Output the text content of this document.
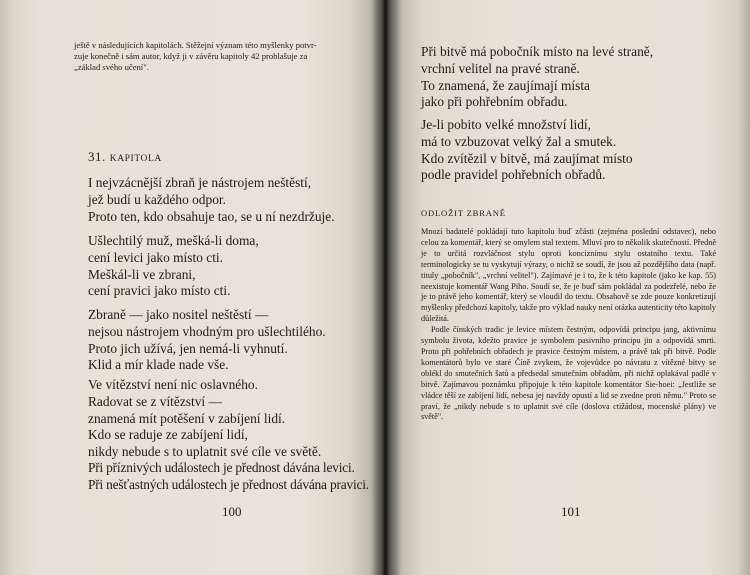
ještě v následujících kapitolách. Stěžejní význam této myšlenky potvr-
zuje konečně i sám autor, když ji v závěru kapitoly 42 prohlašuje za
„základ svého učení".
31. KAPITOLA
I nejvzácnější zbraň je nástrojem neštěstí,
jež budí u každého odpor.
Proto ten, kdo obsahuje tao, se u ní nezdržuje.
Ušlechtilý muž, mešká-li doma,
cení levici jako místo cti.
Meškál-li ve zbrani,
cení pravici jako místo cti.
Zbraně — jako nositel neštěstí —
nejsou nástrojem vhodným pro ušlechtilého.
Proto jich užívá, jen nemá-li vyhnutí.
Klid a mír klade nade vše.
Ve vítězství není nic oslavného.
Radovat se z vítězství —
znamená mít potěšení v zabíjení lidí.
Kdo se raduje ze zabíjení lidí,
nikdy nebude s to uplatnit své cíle ve světě.
Při příznivých událostech je přednost dávána levici.
Při nešťastných událostech je přednost dávána pravici.
100
Při bitvě má pobočník místo na levé straně,
vrchní velitel na pravé straně.
To znamená, že zaujímají místa
jako při pohřebním obřadu.
Je-li pobito velké množství lidí,
má to vzbuzovat velký žal a smutek.
Kdo zvítězil v bitvě, má zaujímat místo
podle pravidel pohřebních obřadů.
ODLOŽIT ZBRANĚ
Mnozí badatelé pokládají tuto kapitolu buď zčásti (zejména poslední odstavec), nebo celou za komentář, který se omylem stal textem. Mluví pro to několik skutečností. Předně je to určitá rozvláčnost stylu oproti koncíznímu stylu ostatního textu. Také terminologicky se tu vyskytují výrazy, o nichž se soudí, že jsou až pozdějšího data (např. tituly „pobočník", „vrchní velitel"). Zajímavé je i to, že k této kapitole (jako ke kap. 55) neexistuje komentář Wang Piho. Soudí se, že je buď sám pokládal za podezřelé, nebo že je to právě jeho komentář, který se vloudil do textu. Obsahově se zde pouze konkretizují myšlenky předchozí kapitoly, takže pro výklad nauky není otázka autenticity této kapitoly důležitá.
Podle čínských tradic je levice místem čestným, odpovídá principu jang, aktivnímu symbolu života, kdežto pravice je symbolem pasivního principu jin a odpovídá smrti. Proto při pohřebních obřadech je pravice čestným místem, a právě tak při bitvě. Podle komentátorů bylo ve staré Číně zvykem, že vojevůdce po návratu z vítězné bitvy se oblékl do smutečních šatů a předsedal smutečním obřadům, při nichž oplakával padlé v bitvě. Zajímavou poznámku připojuje k této kapitole komentátor Sie-hoei: „Jestliže se vládce těší ze zabíjení lidí, nebesa jej navždy opustí a lid se zvedne proti němu." Proto se praví, že „nikdy nebude s to uplatnit své cíle (doslova ctižádost, mocenské plány) ve světě".
101
